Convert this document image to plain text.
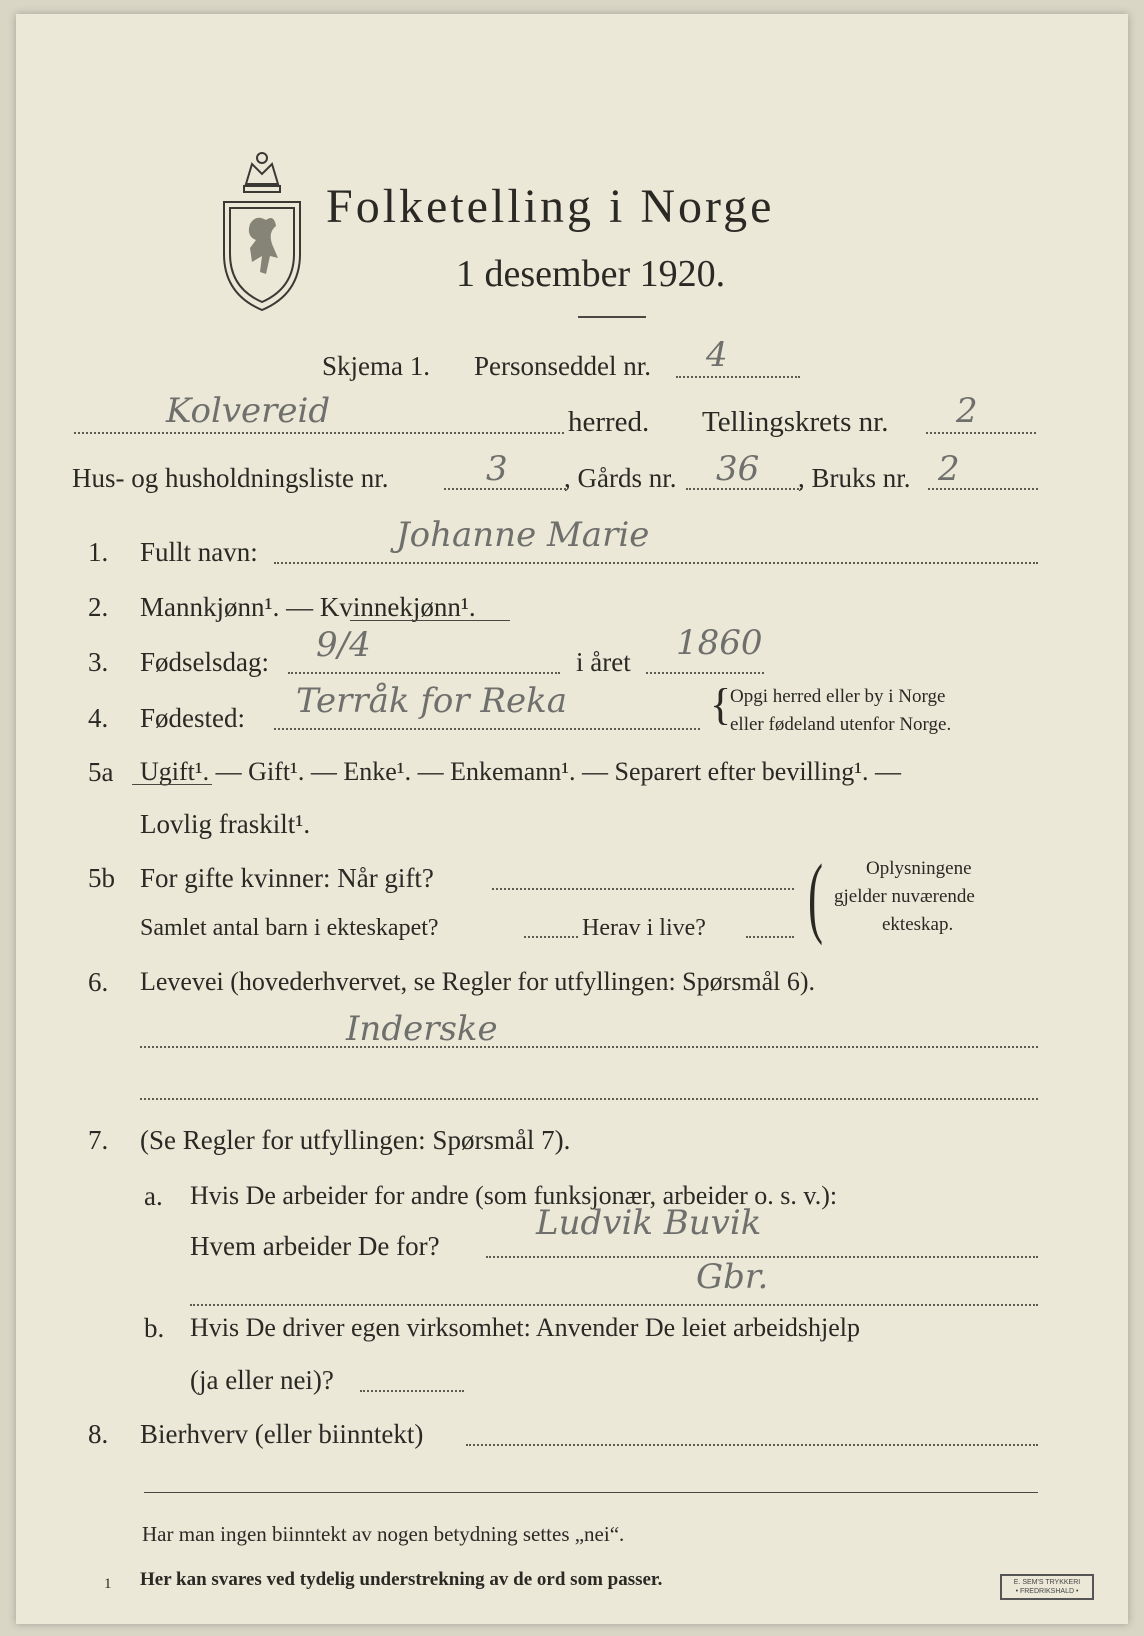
Folketelling i Norge
1 desember 1920.
Skjema 1. Personseddel nr. 4
Kolvereid	herred. Tellingskrets nr. 2
Hus- og husholdningsliste nr.	3 , Gårds nr. 36 , Bruks nr. 2
1. Fullt navn:	Johanne Marie
2. Mannkjønn¹. — Kvinnekjønn¹.
3. Fødselsdag: 9/4	i året 1860
4. Fødested: Terråk for Reka	{
Opgi herred eller by i Norge
eller fødeland utenfor Norge.
5a Ugift¹. — Gift¹. — Enke¹. — Enkemann¹. — Separert efter bevilling¹. —
Lovlig fraskilt¹.
5b For gifte kvinner: Når gift?
Samlet antal barn i ekteskapet?	Herav i live? ( Oplysningene
gjelder nuværende
ekteskap.
6. Levevei (hovederhvervet, se Regler for utfyllingen: Spørsmål 6).
Inderske
7. (Se Regler for utfyllingen: Spørsmål 7).
a. Hvis De arbeider for andre (som funksjonær, arbeider o. s. v.):
Hvem arbeider De for?
Ludvik Buvik
Gbr.
b. Hvis De driver egen virksomhet: Anvender De leiet arbeidshjelp
(ja eller nei)?
8. Bierhverv (eller biinntekt)
Har man ingen biinntekt av nogen betydning settes „nei“.
1 Her kan svares ved tydelig understrekning av de ord som passer.	E. SEM'S TRYKKERI
• FREDRIKSHALD •
